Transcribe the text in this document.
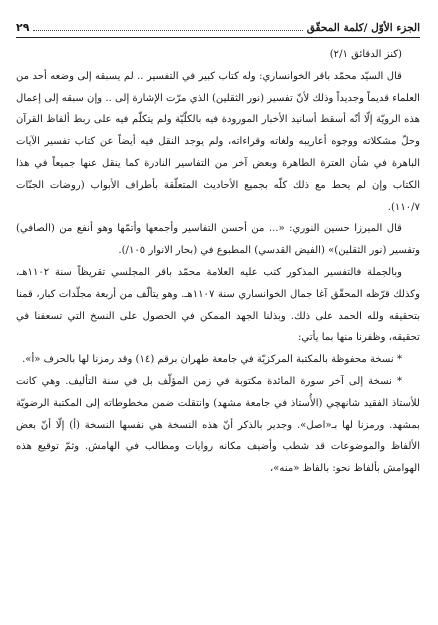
الجزء الأوّل /كلمة المحقّق
٢٩

(كنز الدقائق ٢/١)

قال السيّد محمّد باقر الخوانساري: وله كتاب كبير في التفسير .. لم يسبقه إلى وضعه أحد من العلماء قديماً وجديداً وذلك لأنّ تفسير (نور الثقلين) الذي مرّت الإشارة إلى .. وإن سبقه إلى إعمال هذه الرويّة إلّا أنّه أسقط أسانيد الأخبار المورودة فيه بالكلّيّة ولم يتكلّم فيه على ربط ألفاظ القرآن وحلّ مشكلاته ووجوه أعاريبه ولغاته وقراءاته، ولم يوجد النقل فيه أيضاً عن كتاب تفسير الآيات الباهرة في شأن العترة الطاهرة وبعض آخر من التفاسير النادرة كما ينقل عنها جميعاً في هذا الكتاب وإن لم يحط مع ذلك كلّه بجميع الأحاديث المتعلّقة بأطراف الأبواب (روضات الجنّات ١١٠/٧).

قال الميرزا حسين النوري: «... من أحسن التفاسير وأجمعها وأتمّها وهو أنفع من (الصافي) وتفسير (نور الثقلين)» (الفيض القدسي) المطبوع في (بحار الانوار ١٠٥/).

وبالجملة فالتفسير المذكور كتب عليه العلامة محمّد باقر المجلسي تقريظاً سنة ١١٠٢هـ، وكذلك قرّظه المحقّق آغا جمال الخوانساري سنة ١١٠٧هـ. وهو يتألّف من أربعة مجلّدات كبار، قمنا بتحقيقه ولله الحمد على ذلك. وبذلنا الجهد الممكن في الحصول على النسخ التي تسعفنا في تحقيقه، وظفرنا منها بما يأتي:

* نسخة محفوظة بالمكتبة المركزيّة في جامعة طهران برقم (١٤) وقد رمزنا لها بالحرف «أ».

* نسخة إلى آخر سورة المائدة مكتوبة في زمن المؤلّف بل في سنة التأليف. وهي كانت للأستاذ الفقيد شانهچي (الأُستاذ في جامعة مشهد) وانتقلت ضمن مخطوطاته إلى المكتبة الرضويّة بمشهد. ورمزنا لها بـ«اصل». وجدير بالذكر أنّ هذه النسخة هي نفسها النسخة (أ) إلّا أنّ بعض الألفاظ والموضوعات قد شطب وأضيف مكانه روايات ومطالب في الهامش. وثمّ توقيع هذه الهوامش بألفاظ نحو: بالفاظ «منه»،
